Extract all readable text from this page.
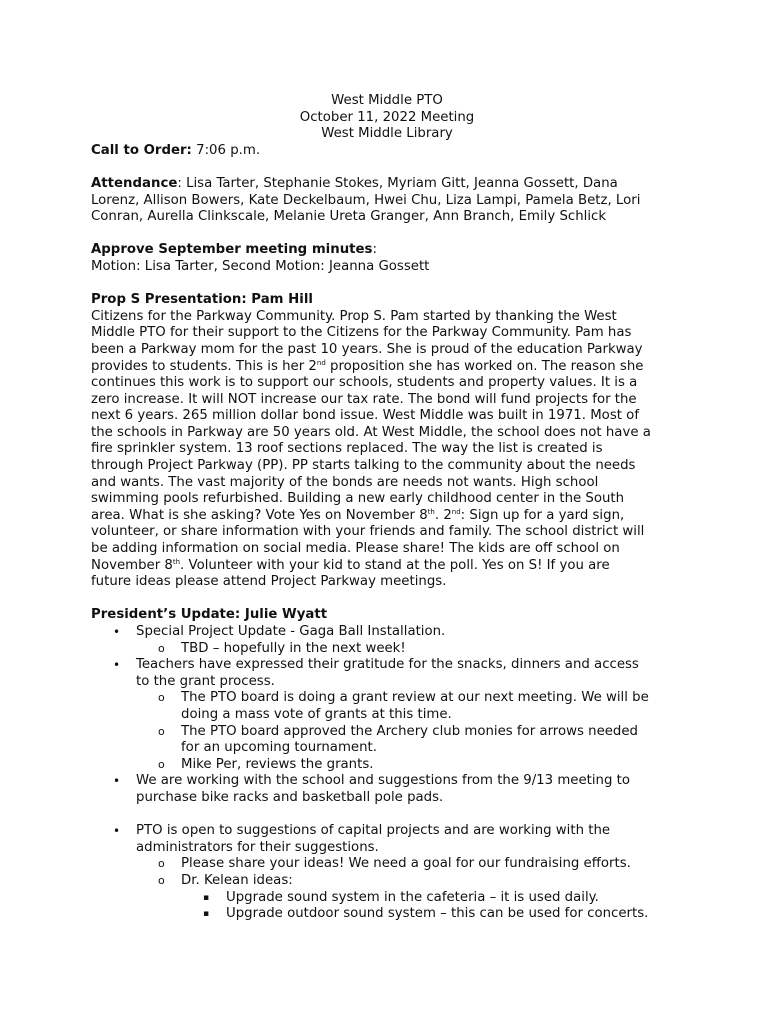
West Middle PTO
October 11, 2022 Meeting
West Middle Library
Call to Order: 7:06 p.m.
Attendance: Lisa Tarter, Stephanie Stokes, Myriam Gitt, Jeanna Gossett, Dana
Lorenz, Allison Bowers, Kate Deckelbaum, Hwei Chu, Liza Lampi, Pamela Betz, Lori
Conran, Aurella Clinkscale, Melanie Ureta Granger, Ann Branch, Emily Schlick
Approve September meeting minutes:
Motion: Lisa Tarter, Second Motion: Jeanna Gossett
Prop S Presentation: Pam Hill
Citizens for the Parkway Community. Prop S. Pam started by thanking the West
Middle PTO for their support to the Citizens for the Parkway Community. Pam has
been a Parkway mom for the past 10 years. She is proud of the education Parkway
provides to students. This is her 2nd proposition she has worked on. The reason she
continues this work is to support our schools, students and property values. It is a
zero increase. It will NOT increase our tax rate. The bond will fund projects for the
next 6 years. 265 million dollar bond issue. West Middle was built in 1971. Most of
the schools in Parkway are 50 years old. At West Middle, the school does not have a
fire sprinkler system. 13 roof sections replaced. The way the list is created is
through Project Parkway (PP). PP starts talking to the community about the needs
and wants. The vast majority of the bonds are needs not wants. High school
swimming pools refurbished. Building a new early childhood center in the South
area. What is she asking? Vote Yes on November 8th. 2nd: Sign up for a yard sign,
volunteer, or share information with your friends and family. The school district will
be adding information on social media. Please share! The kids are off school on
November 8th. Volunteer with your kid to stand at the poll. Yes on S! If you are
future ideas please attend Project Parkway meetings.
President’s Update: Julie Wyatt
• Special Project Update - Gaga Ball Installation.
o TBD – hopefully in the next week!
• Teachers have expressed their gratitude for the snacks, dinners and access
to the grant process.
o The PTO board is doing a grant review at our next meeting. We will be
doing a mass vote of grants at this time.
o The PTO board approved the Archery club monies for arrows needed
for an upcoming tournament.
o Mike Per, reviews the grants.
• We are working with the school and suggestions from the 9/13 meeting to
purchase bike racks and basketball pole pads.
• PTO is open to suggestions of capital projects and are working with the
administrators for their suggestions.
o Please share your ideas! We need a goal for our fundraising efforts.
o Dr. Kelean ideas:
▪ Upgrade sound system in the cafeteria – it is used daily.
▪ Upgrade outdoor sound system – this can be used for concerts.
